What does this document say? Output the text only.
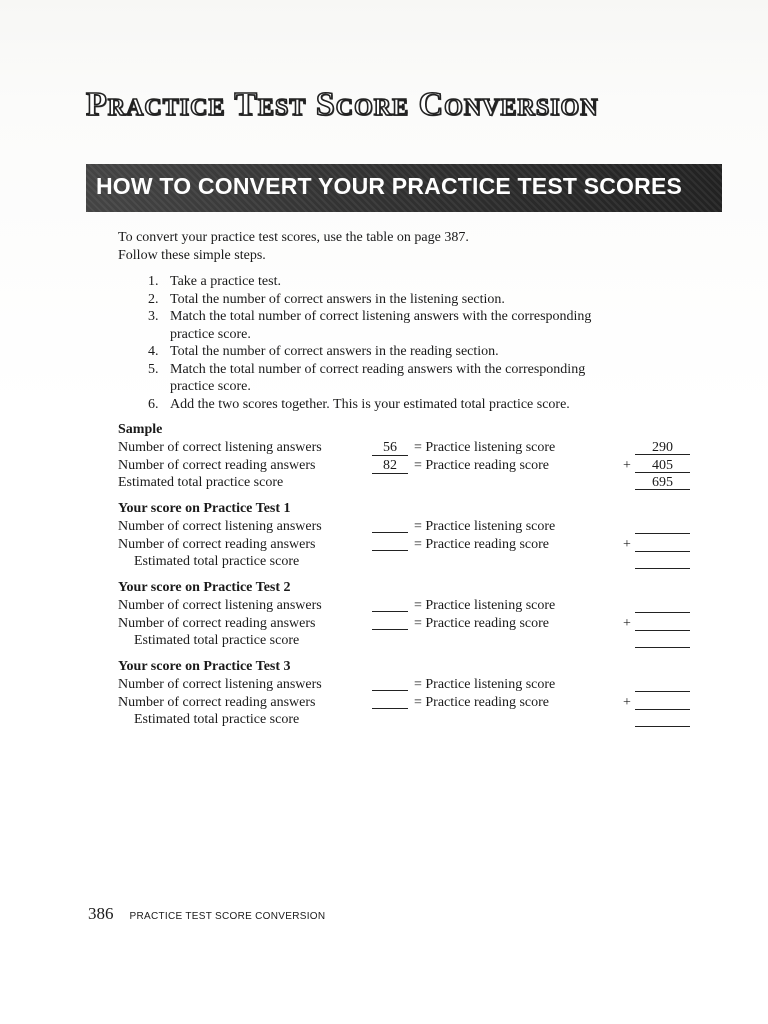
Practice Test Score Conversion
HOW TO CONVERT YOUR PRACTICE TEST SCORES
To convert your practice test scores, use the table on page 387.
Follow these simple steps.
1. Take a practice test.
2. Total the number of correct answers in the listening section.
3. Match the total number of correct listening answers with the corresponding
practice score.
4. Total the number of correct answers in the reading section.
5. Match the total number of correct reading answers with the corresponding
practice score.
6. Add the two scores together. This is your estimated total practice score.
Sample
Number of correct listening answers	56	= Practice listening score	290
Number of correct reading answers	82	= Practice reading score	+	405
Estimated total practice score	695
Your score on Practice Test 1
Number of correct listening answers	= Practice listening score
Number of correct reading answers	= Practice reading score	+
Estimated total practice score
Your score on Practice Test 2
Number of correct listening answers	= Practice listening score
Number of correct reading answers	= Practice reading score	+
Estimated total practice score
Your score on Practice Test 3
Number of correct listening answers	= Practice listening score
Number of correct reading answers	= Practice reading score	+
Estimated total practice score
386 PRACTICE TEST SCORE CONVERSION
